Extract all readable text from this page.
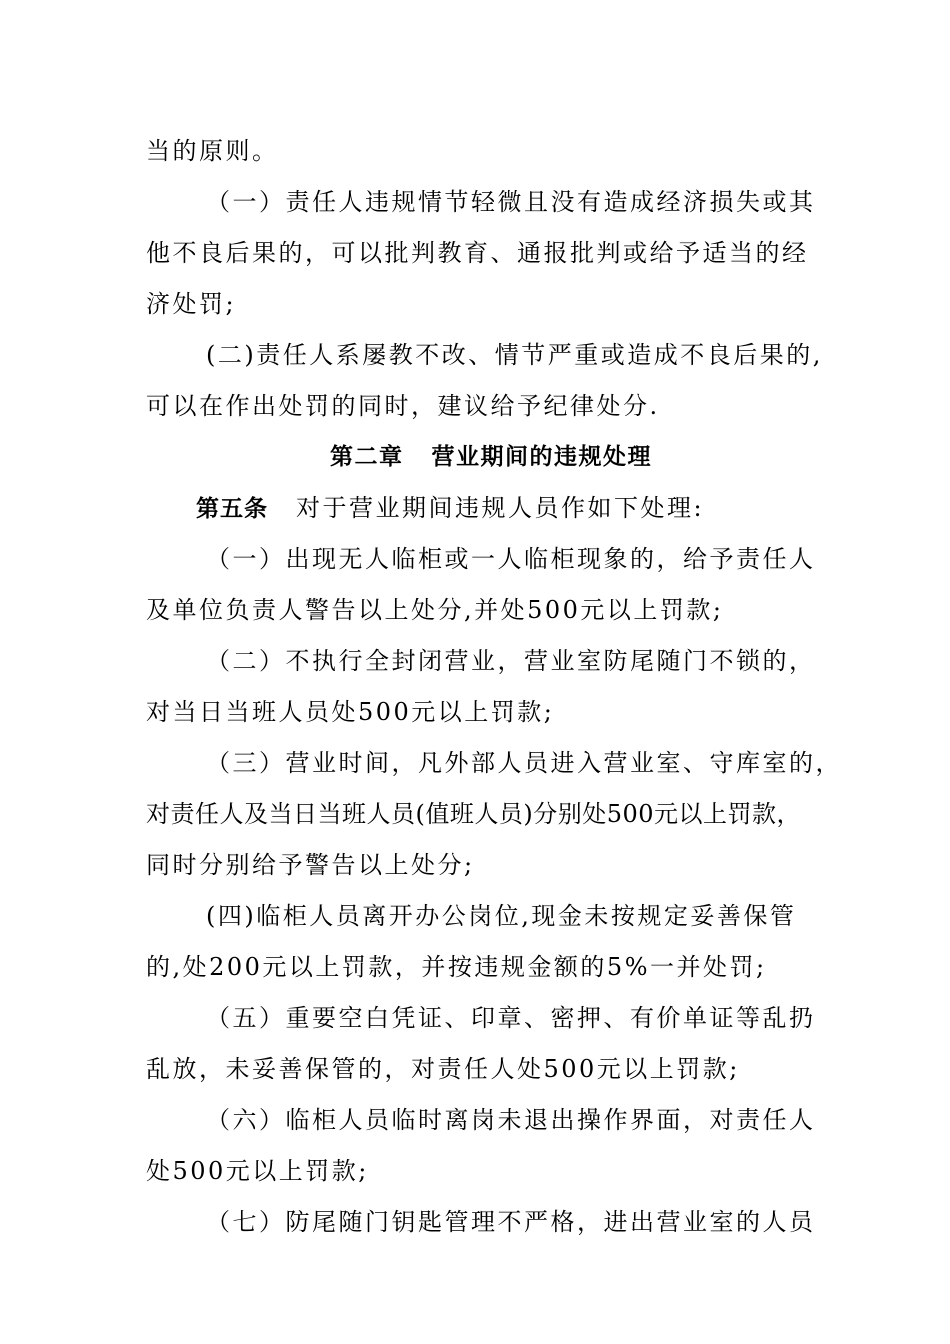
当的原则。
（一）责任人违规情节轻微且没有造成经济损失或其
他不良后果的，可以批判教育、通报批判或给予适当的经
济处罚;
(二)责任人系屡教不改、情节严重或造成不良后果的,
可以在作出处罚的同时，建议给予纪律处分.
第二章 营业期间的违规处理
第五条 对于营业期间违规人员作如下处理:
（一）出现无人临柜或一人临柜现象的，给予责任人
及单位负责人警告以上处分,并处500元以上罚款;
（二）不执行全封闭营业，营业室防尾随门不锁的，
对当日当班人员处500元以上罚款;
（三）营业时间，凡外部人员进入营业室、守库室的，
对责任人及当日当班人员(值班人员)分别处500元以上罚款，
同时分别给予警告以上处分;
(四)临柜人员离开办公岗位,现金未按规定妥善保管
的,处200元以上罚款，并按违规金额的5%一并处罚;
（五）重要空白凭证、印章、密押、有价单证等乱扔
乱放，未妥善保管的，对责任人处500元以上罚款;
（六）临柜人员临时离岗未退出操作界面，对责任人
处500元以上罚款;
（七）防尾随门钥匙管理不严格，进出营业室的人员
